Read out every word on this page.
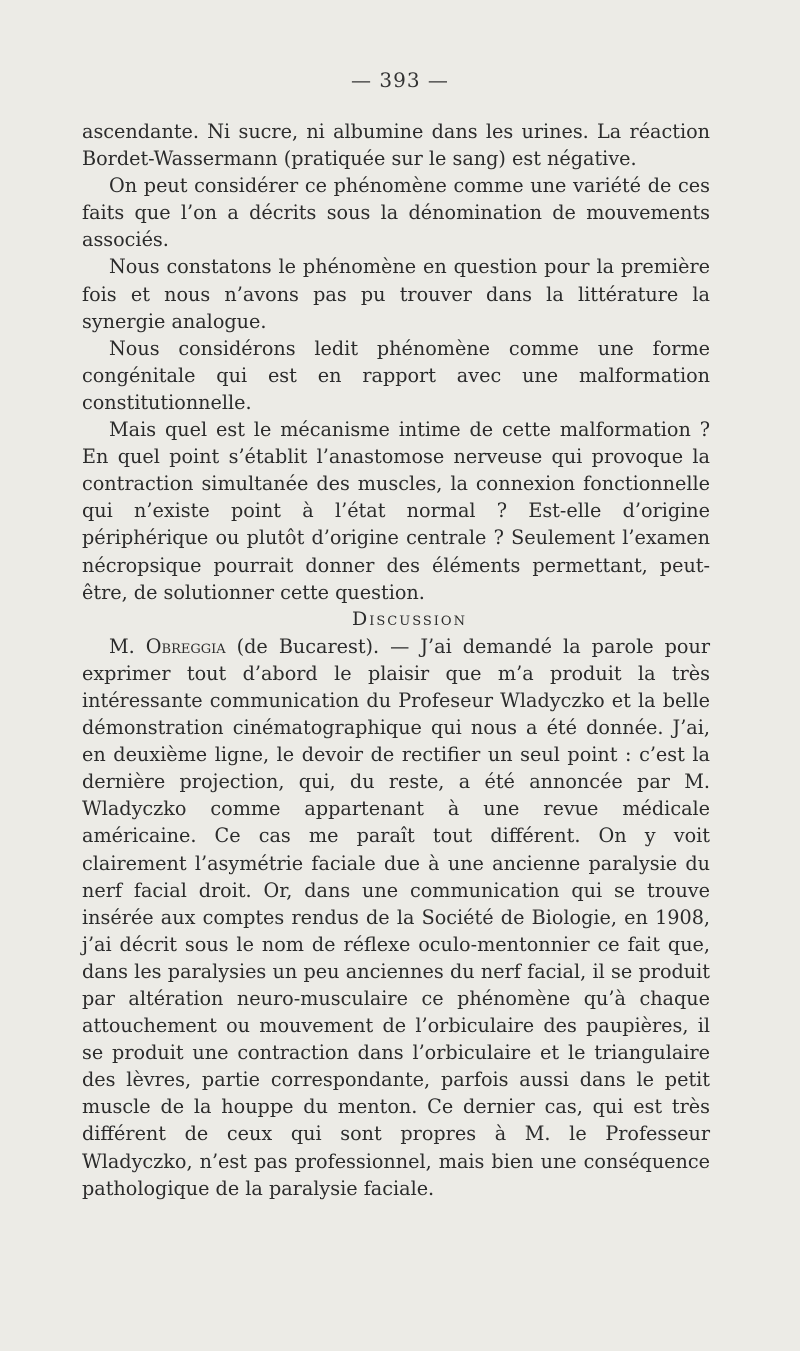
— 393 —

ascendante. Ni sucre, ni albumine dans les urines. La réaction Bordet-Wassermann (pratiquée sur le sang) est négative.

On peut considérer ce phénomène comme une variété de ces faits que l’on a décrits sous la dénomination de mouvements associés.

Nous constatons le phénomène en question pour la première fois et nous n’avons pas pu trouver dans la littérature la synergie analogue.

Nous considérons ledit phénomène comme une forme congénitale qui est en rapport avec une malformation constitutionnelle.

Mais quel est le mécanisme intime de cette malformation ? En quel point s’établit l’anastomose nerveuse qui provoque la contraction simultanée des muscles, la connexion fonctionnelle qui n’existe point à l’état normal ? Est-elle d’origine périphérique ou plutôt d’origine centrale ? Seulement l’examen nécropsique pourrait donner des éléments permettant, peut-être, de solutionner cette question.

Discussion

M. Obreggia (de Bucarest). — J’ai demandé la parole pour exprimer tout d’abord le plaisir que m’a produit la très intéressante communication du Profeseur Wladyczko et la belle démonstration cinématographique qui nous a été donnée. J’ai, en deuxième ligne, le devoir de rectifier un seul point : c’est la dernière projection, qui, du reste, a été annoncée par M. Wladyczko comme appartenant à une revue médicale américaine. Ce cas me paraît tout différent. On y voit clairement l’asymétrie faciale due à une ancienne paralysie du nerf facial droit. Or, dans une communication qui se trouve insérée aux comptes rendus de la Société de Biologie, en 1908, j’ai décrit sous le nom de réflexe oculo-mentonnier ce fait que, dans les paralysies un peu anciennes du nerf facial, il se produit par altération neuro-musculaire ce phénomène qu’à chaque attouchement ou mouvement de l’orbiculaire des paupières, il se produit une contraction dans l’orbiculaire et le triangulaire des lèvres, partie correspondante, parfois aussi dans le petit muscle de la houppe du menton. Ce dernier cas, qui est très différent de ceux qui sont propres à M. le Professeur Wladyczko, n’est pas professionnel, mais bien une conséquence pathologique de la paralysie faciale.
